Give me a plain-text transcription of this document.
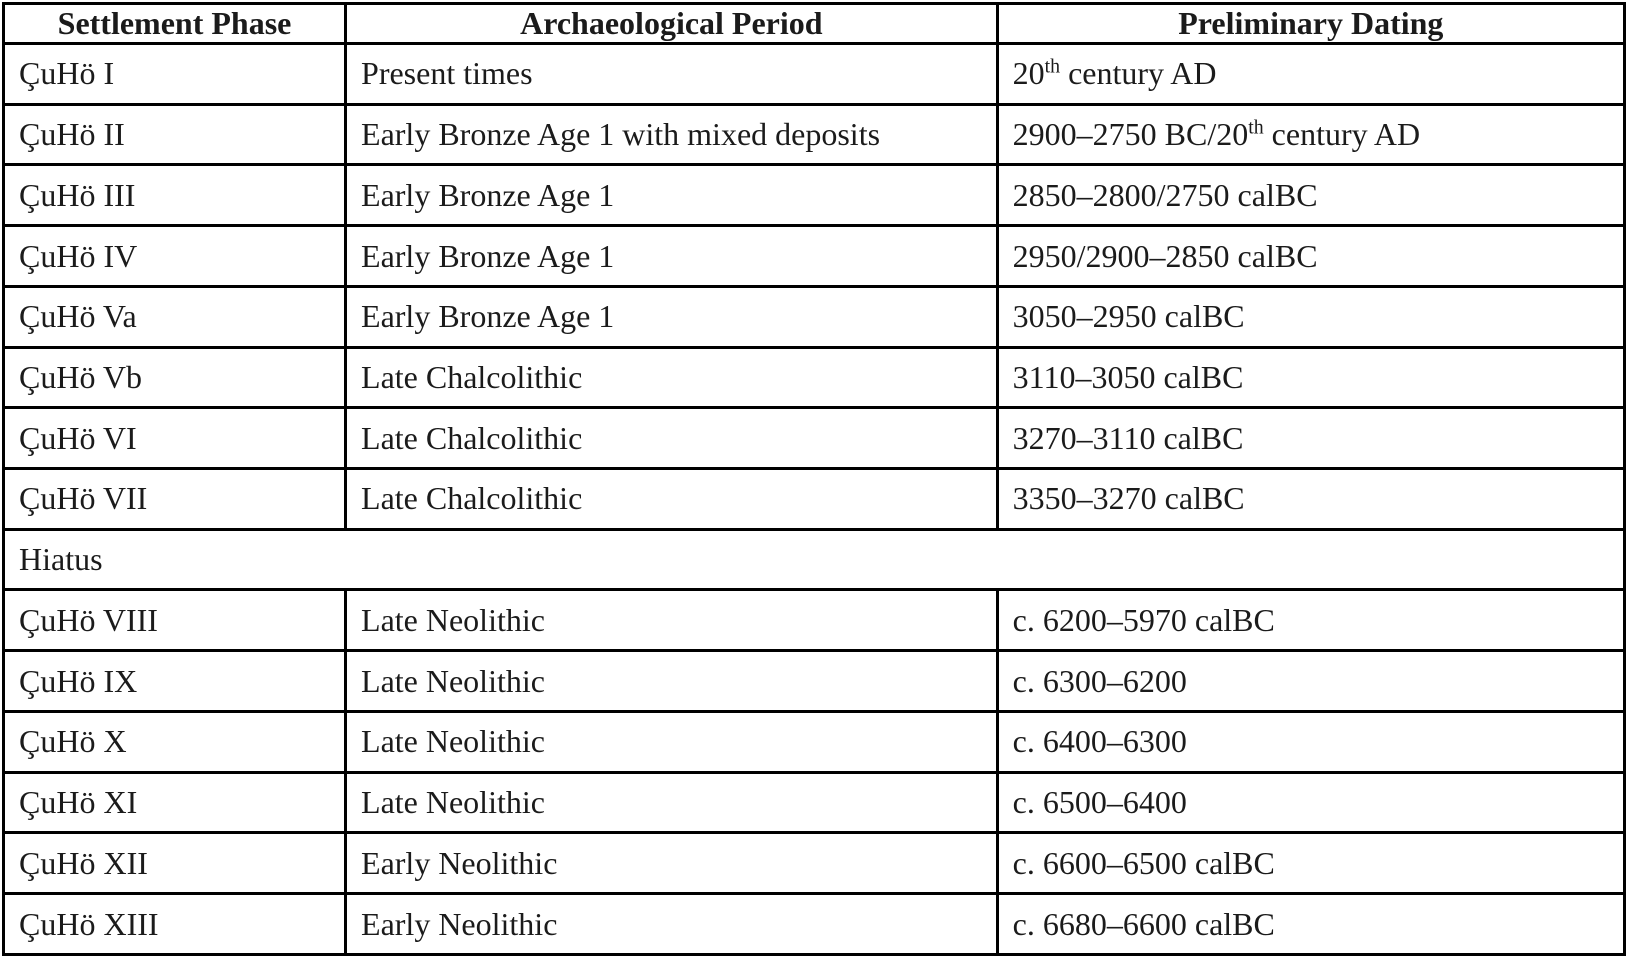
Settlement Phase	Archaeological Period	Preliminary Dating
ÇuHö I	Present times	20th century AD
ÇuHö II	Early Bronze Age 1 with mixed deposits	2900–2750 BC/20th century AD
ÇuHö III	Early Bronze Age 1	2850–2800/2750 calBC
ÇuHö IV	Early Bronze Age 1	2950/2900–2850 calBC
ÇuHö Va	Early Bronze Age 1	3050–2950 calBC
ÇuHö Vb	Late Chalcolithic	3110–3050 calBC
ÇuHö VI	Late Chalcolithic	3270–3110 calBC
ÇuHö VII	Late Chalcolithic	3350–3270 calBC
Hiatus		
ÇuHö VIII	Late Neolithic	c. 6200–5970 calBC
ÇuHö IX	Late Neolithic	c. 6300–6200
ÇuHö X	Late Neolithic	c. 6400–6300
ÇuHö XI	Late Neolithic	c. 6500–6400
ÇuHö XII	Early Neolithic	c. 6600–6500 calBC
ÇuHö XIII	Early Neolithic	c. 6680–6600 calBC
